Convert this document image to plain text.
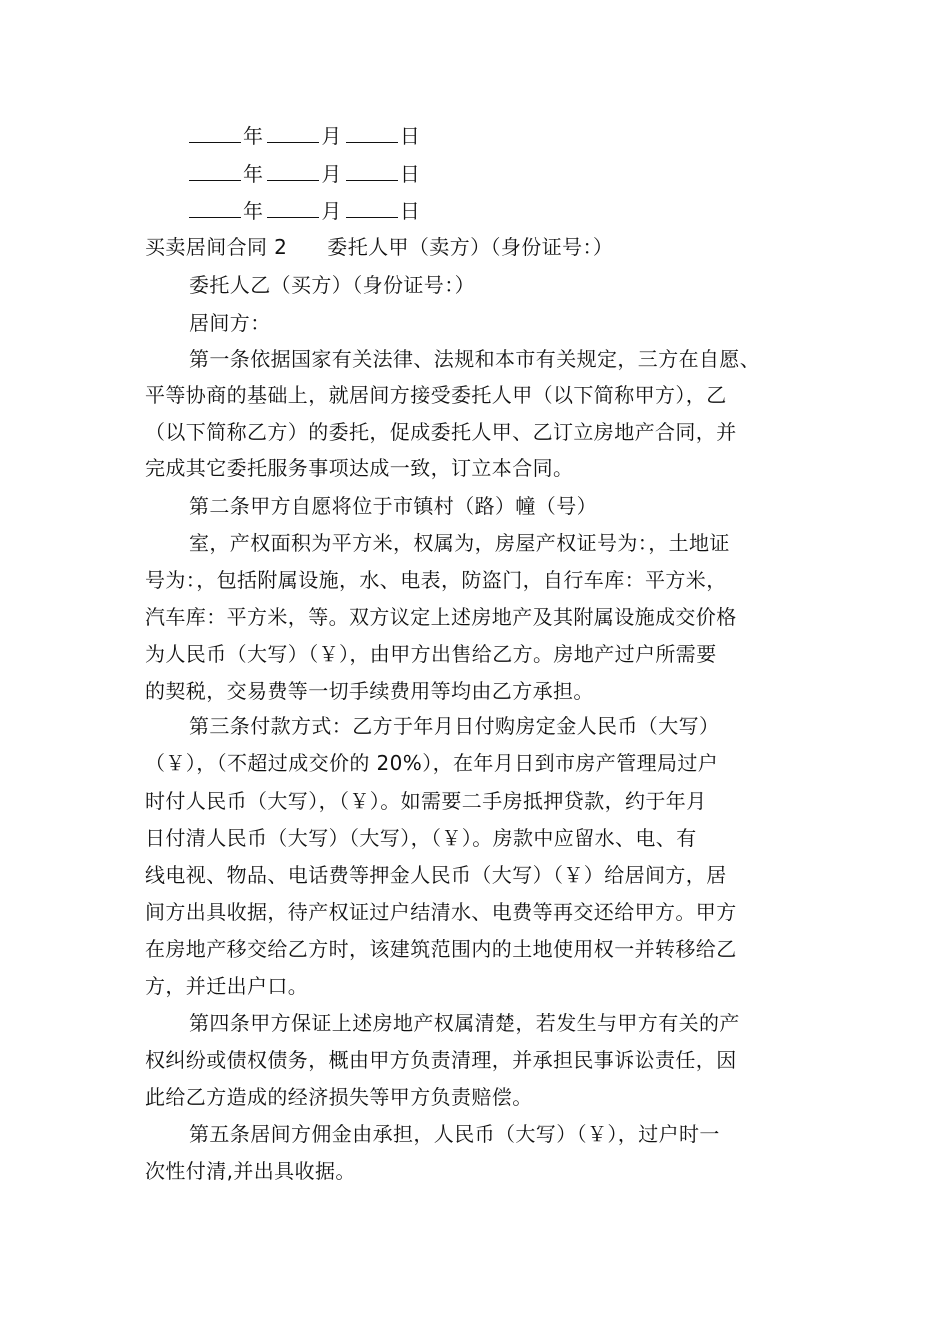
年	月	日
年	月	日
年	月	日
买卖居间合同 2 委托人甲（卖方）（身份证号：）
委托人乙（买方）（身份证号：）
居间方：
第一条依据国家有关法律、法规和本市有关规定，三方在自愿、
平等协商的基础上，就居间方接受委托人甲（以下简称甲方），乙
（以下简称乙方）的委托，促成委托人甲、乙订立房地产合同，并
完成其它委托服务事项达成一致，订立本合同。
第二条甲方自愿将位于市镇村（路）幢（号）
室，产权面积为平方米，权属为，房屋产权证号为：，土地证
号为：，包括附属设施，水、电表，防盗门，自行车库：平方米，
汽车库：平方米，等。双方议定上述房地产及其附属设施成交价格
为人民币（大写）（￥），由甲方出售给乙方。房地产过户所需要
的契税，交易费等一切手续费用等均由乙方承担。
第三条付款方式：乙方于年月日付购房定金人民币（大写）
（￥），（不超过成交价的 20%），在年月日到市房产管理局过户
时付人民币（大写），（￥）。如需要二手房抵押贷款，约于年月
日付清人民币（大写）（大写），（￥）。房款中应留水、电、有
线电视、物品、电话费等押金人民币（大写）（￥）给居间方，居
间方出具收据，待产权证过户结清水、电费等再交还给甲方。甲方
在房地产移交给乙方时，该建筑范围内的土地使用权一并转移给乙
方，并迁出户口。
第四条甲方保证上述房地产权属清楚，若发生与甲方有关的产
权纠纷或债权债务，概由甲方负责清理，并承担民事诉讼责任，因
此给乙方造成的经济损失等甲方负责赔偿。
第五条居间方佣金由承担，人民币（大写）（￥），过户时一
次性付清,并出具收据。
